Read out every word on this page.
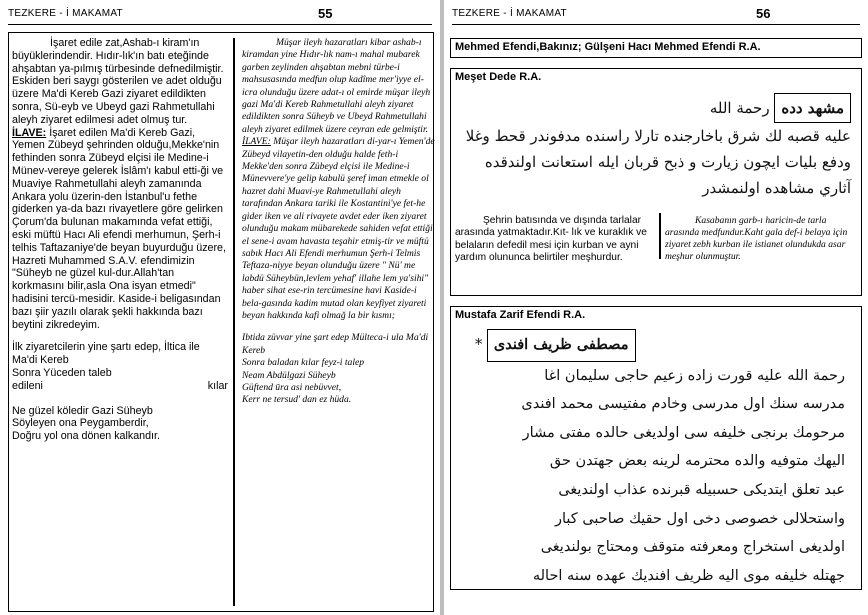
TEZKERE - İ MAKAMAT	55

İşaret edile zat,Ashab-ı kiram'ın büyüklerindendir. Hıdır-lık'ın batı eteğinde ahşabtan ya-pılmış türbesinde defnedilmiştir. Eskiden beri saygı gösterilen ve adet olduğu üzere Ma'di Kereb Gazi ziyaret edildikten sonra, Sü-eyb ve Ubeyd gazi Rahmetullahi aleyh ziyaret edilmesi adet olmuş tur.

İLAVE: İşaret edilen Ma'di Kereb Gazi, Yemen Zübeyd şehrinden olduğu,Mekke'nin fethinden sonra Zübeyd elçisi ile Medine-i Münev-vereye gelerek İslâm'ı kabul etti-ği ve Muaviye Rahmetullahi aleyh zamanında Ankara yolu üzerin-den İstanbul'u fethe giderken ya-da bazı rivayetlere göre gelirken Çorum'da bulunan makamında vefat ettiği, eski müftü Hacı Ali efendi merhumun, Şerh-i telhis Taftazaniye'de beyan buyurduğu üzere, Hazreti Muhammed S.A.V. efendimizin "Süheyb ne güzel kul-dur.Allah'tan korkmasını bilir,asla Ona isyan etmedi" hadisini tercü-mesidir. Kaside-i beligasından bazı şiir yazılı olarak şekli hakkında bazı beytini zikredeyim.

İlk ziyaretcilerin yine şartı edep, İltica ile

Ma'di Kereb

Sonra Yüceden taleb

edileni	kılar

Ne güzel köledir Gazi Süheyb

Söyleyen ona Peygamberdir,

Doğru yol ona dönen kalkandır.

Müşar ileyh hazaratları kibar ashab-ı kiramdan yine Hıdır-lık nam-ı mahal mubarek garben zeylinden ahşabtan mebni türbe-i mahsusasında medfun olup kadîme mer'iyye el-icra olunduğu üzere adat-ı ol emirde müşar ileyh gazi Ma'di Kereb Rahmetullahi aleyh ziyaret edildikten sonra Süheyb ve Ubeyd Rahmetullahi aleyh ziyaret edilmek üzere ceyran ede gelmiştir.

İLAVE: Müşar ileyh hazaratları di-yar-ı Yemen'de Zübeyd vilayetin-den olduğu halde feth-i Mekke'den sonra Zübeyd elçisi ile Medine-i Münevvere'ye gelip kabulü şeref iman etmekle ol hazret dahi Muavi-ye Rahmetullahi aleyh tarafından Ankara tariki ile Kostantini'ye fet-he gider iken ve ali rivayete avdet eder iken ziyaret olunduğu makam mübarekede sahiden vefat ettiği el sene-i avam havasta teşahir etmiş-tir ve müftü sabık Hacı Ali Efendi merhumun Şerh-i Telmis Teftaza-niyye beyan olunduğu üzere " Nü' me labdü Süheybün,levlem yehaf' illahe lem ya'sihi" haber sihat ese-rin tercümesine havi Kaside-i bela-gasında kadim mutad olan keyfiyet ziyareti beyan hakkında kafi olmağ la bir kısmı;

Ibtida züvvar yine şart edep Mülteca-i ula Ma'di Kereb

Sonra baladan kılar feyz-i talep

Neam Abdülgazi Süheyb

Güftend ūra asi nebüvvet,

Kerr ne tersud' dan ez hüda.

TEZKERE - İ MAKAMAT	56
Mehmed Efendi,Bakınız; Gülşeni Hacı Mehmed Efendi R.A.
Meşet Dede R.A.
مشهد دده رحمة الله
عليه قصبه لك شرق باخارجنده تارلا راسنده مدفوندر قحط وغلا
ودفع بليات ايچون زيارت و ذبح قربان ايله استعانت اولندقده
آثاري مشاهده اولنمشدر

Şehrin batısında ve dışında tarlalar arasında yatmaktadır.Kıt- lık ve kuraklık ve belaların defedil mesi için kurban ve ayni yardım olununca belirtiler meşhurdur.

Kasabanın garb-ı haricin-de tarla arasında medfundur.Kaht gala def-i belaya için ziyaret zebh kurban ile istianet olundukda asar meşhur olunmuştur.

Mustafa Zarif Efendi R.A.
* مصطفى ظريف افندى
رحمة الله عليه قورت زاده زعيم حاجى سليمان اغا
مدرسه سنك اول مدرسى وخادم مفتيسى محمد افندى
مرحومك برنجى خليفه سى اولديغى حالده مفتى مشار
اليهك متوفيه والده محترمه لرينه بعض جهتدن حق
عبد تعلق ايتديكى حسبيله قبرنده عذاب اولنديغى
واستحلالى خصوصى دخى اول حقيك صاحبى كبار
اولديغى استخراج ومعرفته متوقف ومحتاج بولنديغى
جهتله خليفه موى اليه ظريف افنديك عهده سنه احاله
